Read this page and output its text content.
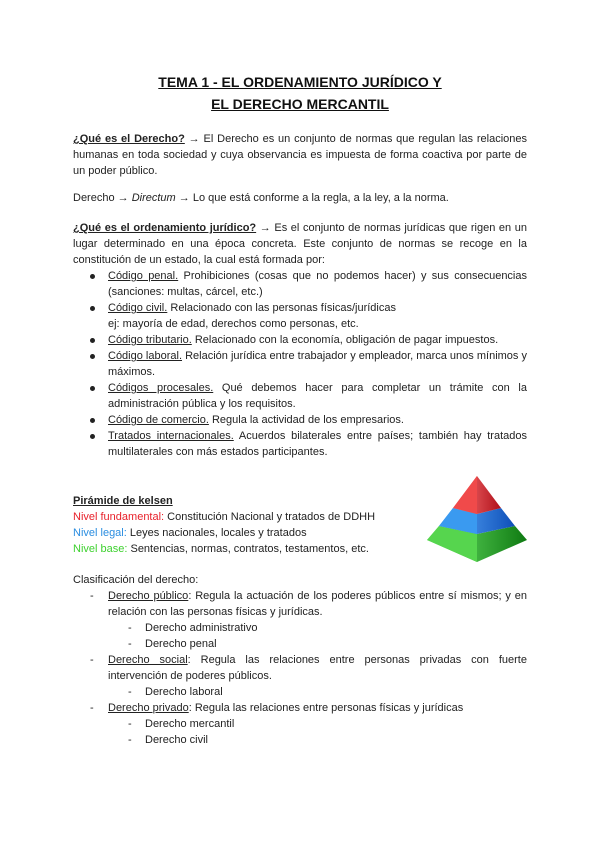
TEMA 1 - EL ORDENAMIENTO JURÍDICO Y
EL DERECHO MERCANTIL
¿Qué es el Derecho? → El Derecho es un conjunto de normas que regulan las relaciones humanas en toda sociedad y cuya observancia es impuesta de forma coactiva por parte de un poder público.
Derecho → Directum → Lo que está conforme a la regla, a la ley, a la norma.
¿Qué es el ordenamiento jurídico? → Es el conjunto de normas jurídicas que rigen en un lugar determinado en una época concreta. Este conjunto de normas se recoge en la constitución de un estado, la cual está formada por:
Código penal. Prohibiciones (cosas que no podemos hacer) y sus consecuencias (sanciones: multas, cárcel, etc.)
Código civil. Relacionado con las personas físicas/jurídicas
ej: mayoría de edad, derechos como personas, etc.
Código tributario. Relacionado con la economía, obligación de pagar impuestos.
Código laboral. Relación jurídica entre trabajador y empleador, marca unos mínimos y máximos.
Códigos procesales. Qué debemos hacer para completar un trámite con la administración pública y los requisitos.
Código de comercio. Regula la actividad de los empresarios.
Tratados internacionales. Acuerdos bilaterales entre países; también hay tratados multilaterales con más estados participantes.
Pirámide de kelsen
Nivel fundamental: Constitución Nacional y tratados de DDHH
Nivel legal: Leyes nacionales, locales y tratados
Nivel base: Sentencias, normas, contratos, testamentos, etc.
Clasificación del derecho:
- Derecho público: Regula la actuación de los poderes públicos entre sí mismos; y en relación con las personas físicas y jurídicas.
- Derecho administrativo
- Derecho penal
- Derecho social: Regula las relaciones entre personas privadas con fuerte intervención de poderes públicos.
- Derecho laboral
- Derecho privado: Regula las relaciones entre personas físicas y jurídicas
- Derecho mercantil
- Derecho civil
